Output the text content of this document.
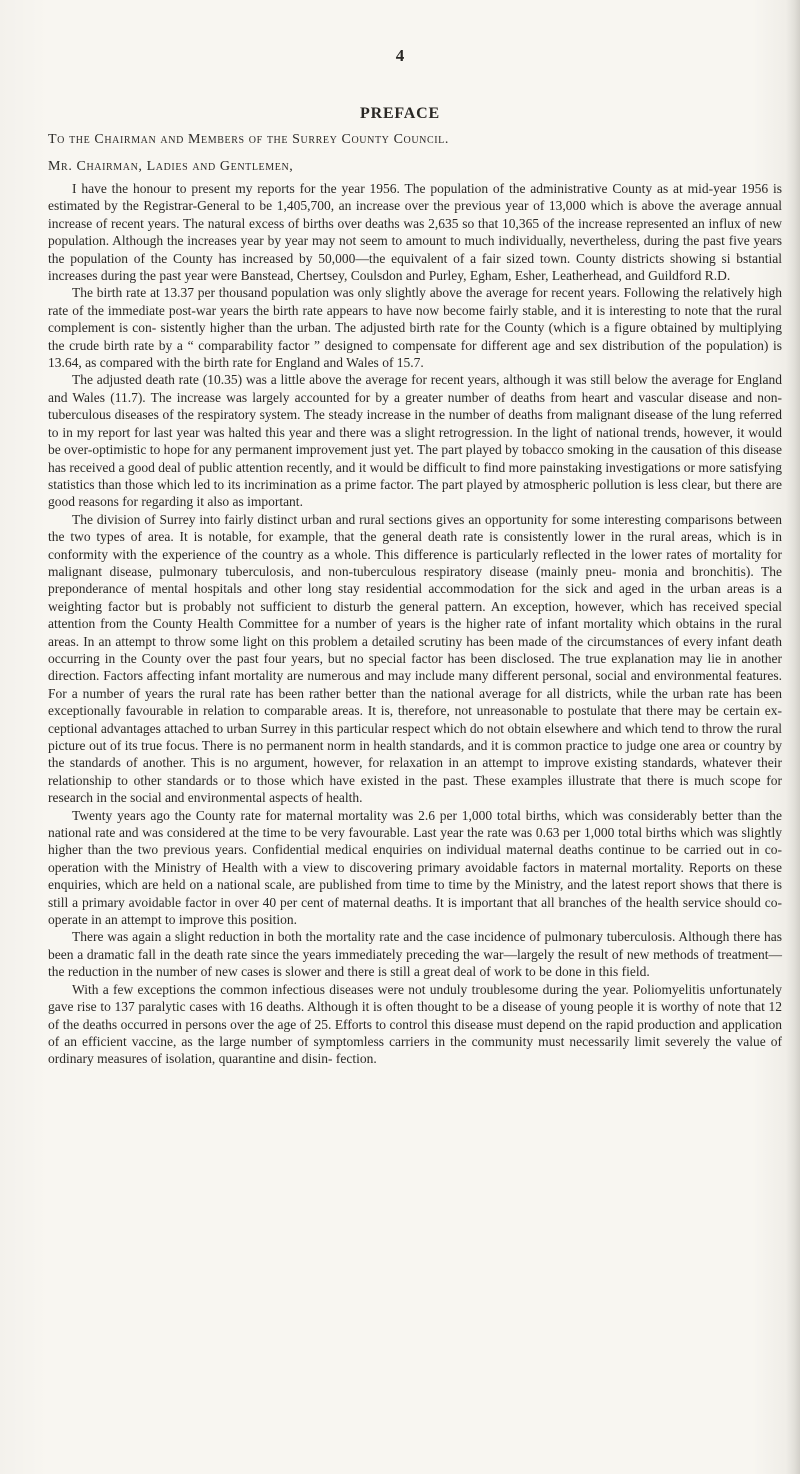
4
PREFACE
To the Chairman and Members of the Surrey County Council.
Mr. Chairman, Ladies and Gentlemen,

I have the honour to present my reports for the year 1956. The population of the administrative County as at mid-year 1956 is estimated by the Registrar-General to be 1,405,700, an increase over the previous year of 13,000 which is above the average annual increase of recent years. The natural excess of births over deaths was 2,635 so that 10,365 of the increase represented an influx of new population. Although the increases year by year may not seem to amount to much individually, nevertheless, during the past five years the population of the County has increased by 50,000—the equivalent of a fair sized town. County districts showing si bstantial increases during the past year were Banstead, Chertsey, Coulsdon and Purley, Egham, Esher, Leatherhead, and Guildford R.D.

The birth rate at 13.37 per thousand population was only slightly above the average for recent years. Following the relatively high rate of the immediate post-war years the birth rate appears to have now become fairly stable, and it is interesting to note that the rural complement is con- sistently higher than the urban. The adjusted birth rate for the County (which is a figure obtained by multiplying the crude birth rate by a “ comparability factor ” designed to compensate for different age and sex distribution of the population) is 13.64, as compared with the birth rate for England and Wales of 15.7.

The adjusted death rate (10.35) was a little above the average for recent years, although it was still below the average for England and Wales (11.7). The increase was largely accounted for by a greater number of deaths from heart and vascular disease and non-tuberculous diseases of the respiratory system. The steady increase in the number of deaths from malignant disease of the lung referred to in my report for last year was halted this year and there was a slight retrogression. In the light of national trends, however, it would be over-optimistic to hope for any permanent improvement just yet. The part played by tobacco smoking in the causation of this disease has received a good deal of public attention recently, and it would be difficult to find more painstaking investigations or more satisfying statistics than those which led to its incrimination as a prime factor. The part played by atmospheric pollution is less clear, but there are good reasons for regarding it also as important.

The division of Surrey into fairly distinct urban and rural sections gives an opportunity for some interesting comparisons between the two types of area. It is notable, for example, that the general death rate is consistently lower in the rural areas, which is in conformity with the experience of the country as a whole. This difference is particularly reflected in the lower rates of mortality for malignant disease, pulmonary tuberculosis, and non-tuberculous respiratory disease (mainly pneu- monia and bronchitis). The preponderance of mental hospitals and other long stay residential accommodation for the sick and aged in the urban areas is a weighting factor but is probably not sufficient to disturb the general pattern. An exception, however, which has received special attention from the County Health Committee for a number of years is the higher rate of infant mortality which obtains in the rural areas. In an attempt to throw some light on this problem a detailed scrutiny has been made of the circumstances of every infant death occurring in the County over the past four years, but no special factor has been disclosed. The true explanation may lie in another direction. Factors affecting infant mortality are numerous and may include many different personal, social and environmental features. For a number of years the rural rate has been rather better than the national average for all districts, while the urban rate has been exceptionally favourable in relation to comparable areas. It is, therefore, not unreasonable to postulate that there may be certain ex- ceptional advantages attached to urban Surrey in this particular respect which do not obtain elsewhere and which tend to throw the rural picture out of its true focus. There is no permanent norm in health standards, and it is common practice to judge one area or country by the standards of another. This is no argument, however, for relaxation in an attempt to improve existing standards, whatever their relationship to other standards or to those which have existed in the past. These examples illustrate that there is much scope for research in the social and environmental aspects of health.

Twenty years ago the County rate for maternal mortality was 2.6 per 1,000 total births, which was considerably better than the national rate and was considered at the time to be very favourable. Last year the rate was 0.63 per 1,000 total births which was slightly higher than the two previous years. Confidential medical enquiries on individual maternal deaths continue to be carried out in co-operation with the Ministry of Health with a view to discovering primary avoidable factors in maternal mortality. Reports on these enquiries, which are held on a national scale, are published from time to time by the Ministry, and the latest report shows that there is still a primary avoidable factor in over 40 per cent of maternal deaths. It is important that all branches of the health service should co-operate in an attempt to improve this position.

There was again a slight reduction in both the mortality rate and the case incidence of pulmonary tuberculosis. Although there has been a dramatic fall in the death rate since the years immediately preceding the war—largely the result of new methods of treatment—the reduction in the number of new cases is slower and there is still a great deal of work to be done in this field.

With a few exceptions the common infectious diseases were not unduly troublesome during the year. Poliomyelitis unfortunately gave rise to 137 paralytic cases with 16 deaths. Although it is often thought to be a disease of young people it is worthy of note that 12 of the deaths occurred in persons over the age of 25. Efforts to control this disease must depend on the rapid production and application of an efficient vaccine, as the large number of symptomless carriers in the community must necessarily limit severely the value of ordinary measures of isolation, quarantine and disin- fection.
